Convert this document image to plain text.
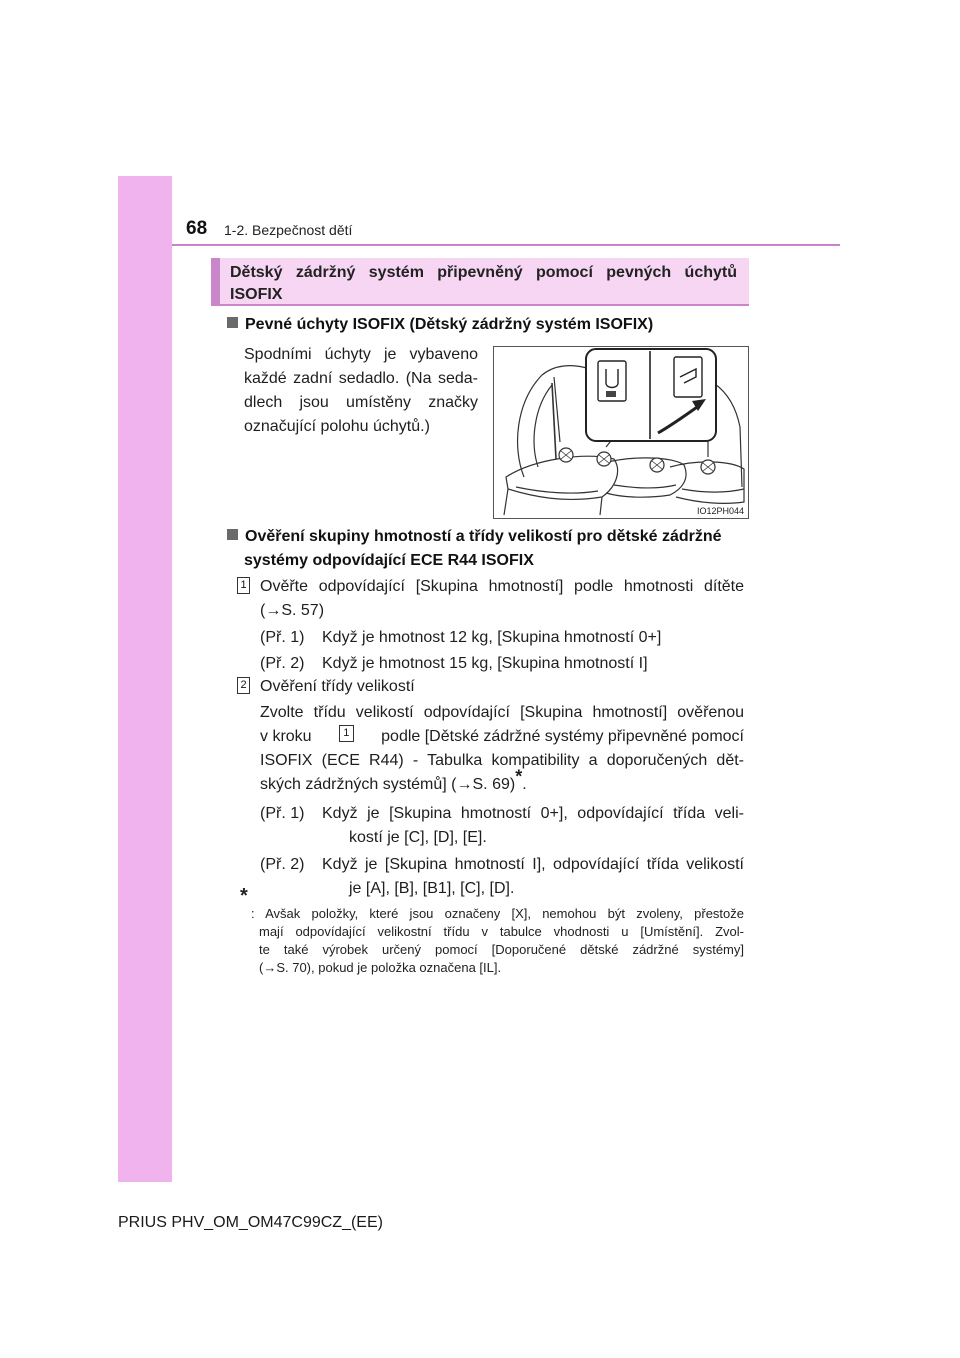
68 1-2. Bezpečnost dětí
Dětský zádržný systém připevněný pomocí pevných úchytů
ISOFIX
Pevné úchyty ISOFIX (Dětský zádržný systém ISOFIX)
Spodními úchyty je vybaveno
každé zadní sedadlo. (Na seda-
dlech jsou umístěny značky
označující polohu úchytů.)
IO12PH044
Ověření skupiny hmotností a třídy velikostí pro dětské zádržné
systémy odpovídající ECE R44 ISOFIX
1 Ověřte odpovídající [Skupina hmotností] podle hmotnosti dítěte
(→S. 57)
(Př. 1) Když je hmotnost 12 kg, [Skupina hmotností 0+]
(Př. 2) Když je hmotnost 15 kg, [Skupina hmotností I]
2 Ověření třídy velikostí
Zvolte třídu velikostí odpovídající [Skupina hmotností] ověřenou
v kroku	1 podle [Dětské zádržné systémy připevněné pomocí
ISOFIX (ECE R44) - Tabulka kompatibility a doporučených dět-
ských zádržných systémů] (→S. 69)*.
(Př. 1) Když je [Skupina hmotností 0+], odpovídající třída veli-
kostí je [C], [D], [E].
(Př. 2) Když je [Skupina hmotností I], odpovídající třída velikostí
je [A], [B], [B1], [C], [D].
*
: Avšak položky, které jsou označeny [X], nemohou být zvoleny, přestože
mají odpovídající velikostní třídu v tabulce vhodnosti u [Umístění]. Zvol-
te také výrobek určený pomocí [Doporučené dětské zádržné systémy]
(→S. 70), pokud je položka označena [IL].
PRIUS PHV_OM_OM47C99CZ_(EE)
